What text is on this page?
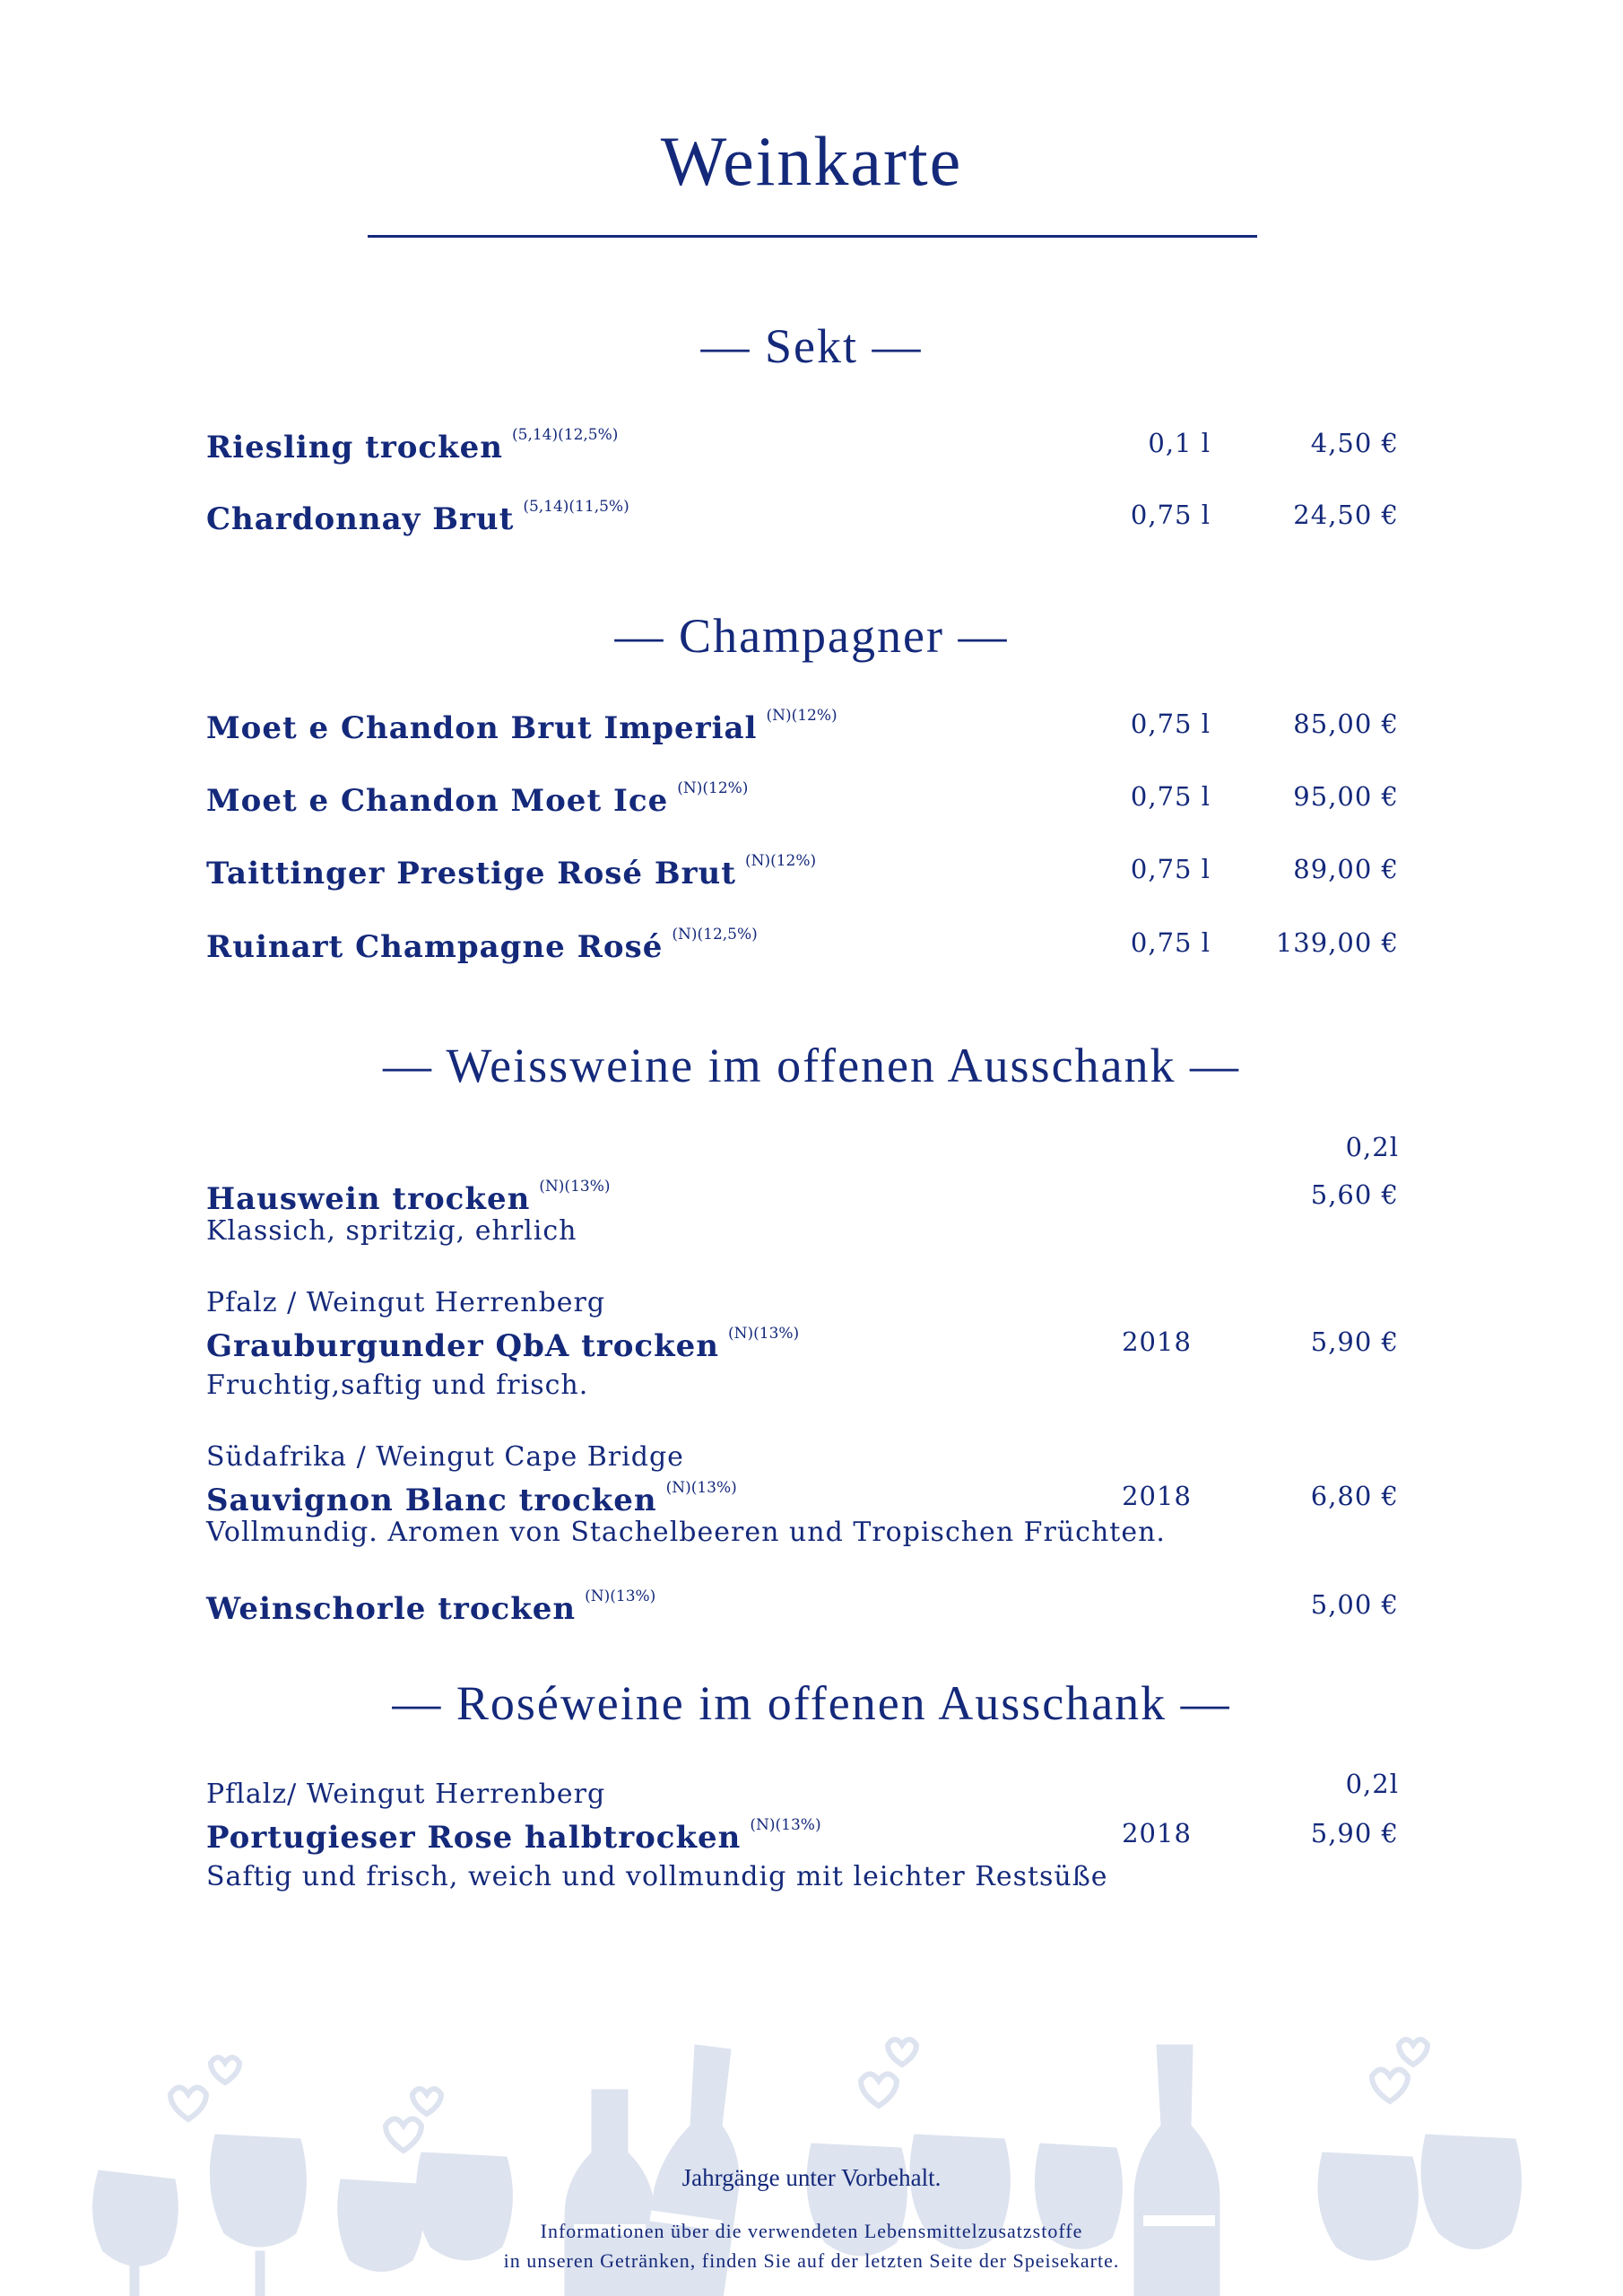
Weinkarte
— Sekt —
Riesling trocken $^{(5,14)(12,5\%)}$	0,1 l	4,50 €
Chardonnay Brut $^{(5,14)(11,5\%)}$	0,75 l	24,50 €
— Champagner —
Moet e Chandon Brut Imperial $^{(N)(12\%)}$	0,75 l	85,00 €
Moet e Chandon Moet Ice $^{(N)(12\%)}$	0,75 l	95,00 €
Taittinger Prestige Rosé Brut $^{(N)(12\%)}$	0,75 l	89,00 €
Ruinart Champagne Rosé $^{(N)(12,5\%)}$	0,75 l	139,00 €
— Weissweine im offenen Ausschank —
0,2l
Hauswein trocken $^{(N)(13\%)}$	5,60 €
Klassich, spritzig, ehrlich
Pfalz / Weingut Herrenberg
Grauburgunder QbA trocken $^{(N)(13\%)}$	2018	5,90 €
Fruchtig,saftig und frisch.
Südafrika / Weingut Cape Bridge
Sauvignon Blanc trocken $^{(N)(13\%)}$	2018	6,80 €
Vollmundig. Aromen von Stachelbeeren und Tropischen Früchten.
Weinschorle trocken $^{(N)(13\%)}$	5,00 €
— Roséweine im offenen Ausschank —
0,2l
Pflalz/ Weingut Herrenberg
Portugieser Rose halbtrocken $^{(N)(13\%)}$	2018	5,90 €
Saftig und frisch, weich und vollmundig mit leichter Restsüße
Jahrgänge unter Vorbehalt.
Informationen über die verwendeten Lebensmittelzusatzstoffe
in unseren Getränken, finden Sie auf der letzten Seite der Speisekarte.
